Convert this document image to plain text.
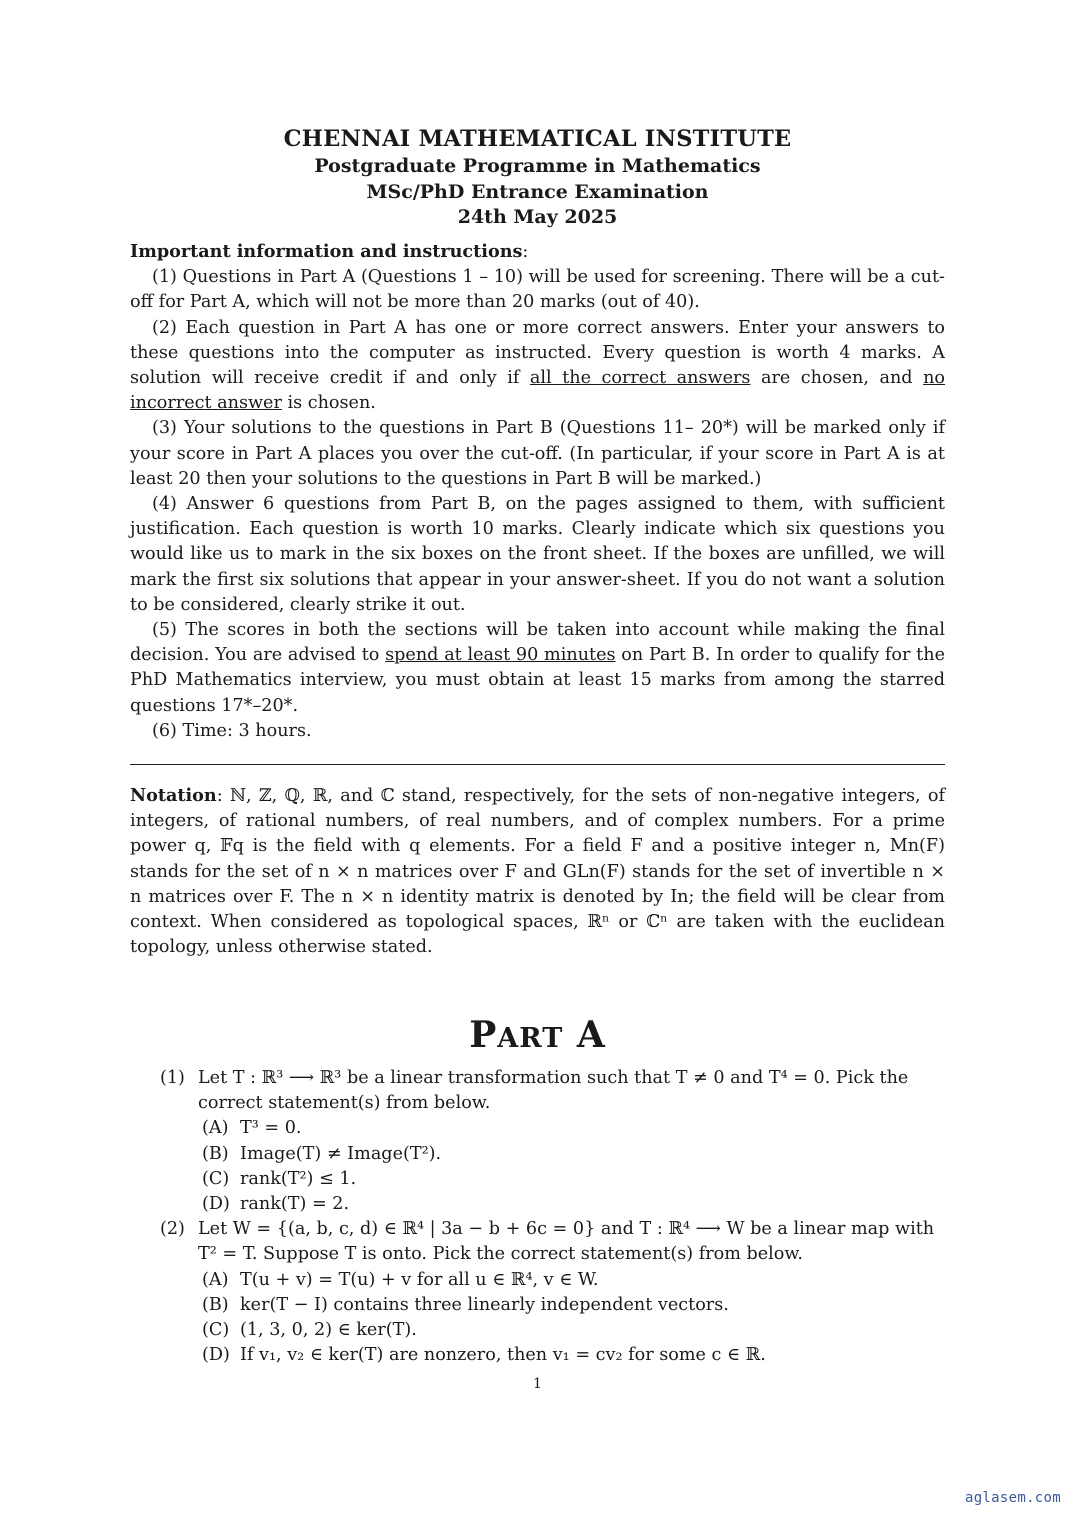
CHENNAI MATHEMATICAL INSTITUTE
Postgraduate Programme in Mathematics
MSc/PhD Entrance Examination
24th May 2025
Important information and instructions:

(1) Questions in Part A (Questions 1 – 10) will be used for screening. There will be a cut-off for Part A, which will not be more than 20 marks (out of 40).

(2) Each question in Part A has one or more correct answers. Enter your answers to these questions into the computer as instructed. Every question is worth 4 marks. A solution will receive credit if and only if all the correct answers are chosen, and no incorrect answer is chosen.

(3) Your solutions to the questions in Part B (Questions 11– 20*) will be marked only if your score in Part A places you over the cut-off. (In particular, if your score in Part A is at least 20 then your solutions to the questions in Part B will be marked.)

(4) Answer 6 questions from Part B, on the pages assigned to them, with sufficient justification. Each question is worth 10 marks. Clearly indicate which six questions you would like us to mark in the six boxes on the front sheet. If the boxes are unfilled, we will mark the first six solutions that appear in your answer-sheet. If you do not want a solution to be considered, clearly strike it out.

(5) The scores in both the sections will be taken into account while making the final decision. You are advised to spend at least 90 minutes on Part B. In order to qualify for the PhD Mathematics interview, you must obtain at least 15 marks from among the starred questions 17*–20*.

(6) Time: 3 hours.

Notation: ℕ, ℤ, ℚ, ℝ, and ℂ stand, respectively, for the sets of non-negative integers, of integers, of rational numbers, of real numbers, and of complex numbers. For a prime power q, 𝔽q is the field with q elements. For a field F and a positive integer n, Mn(F) stands for the set of n × n matrices over F and GLn(F) stands for the set of invertible n × n matrices over F. The n × n identity matrix is denoted by In; the field will be clear from context. When considered as topological spaces, ℝⁿ or ℂⁿ are taken with the euclidean topology, unless otherwise stated.
PART A
(1) Let T : ℝ³ ⟶ ℝ³ be a linear transformation such that T ≠ 0 and T⁴ = 0. Pick the correct statement(s) from below.
(A) T³ = 0.
(B) Image(T) ≠ Image(T²).
(C) rank(T²) ≤ 1.
(D) rank(T) = 2.
(2) Let W = {(a, b, c, d) ∈ ℝ⁴ | 3a − b + 6c = 0} and T : ℝ⁴ ⟶ W be a linear map with T² = T. Suppose T is onto. Pick the correct statement(s) from below.
(A) T(u + v) = T(u) + v for all u ∈ ℝ⁴, v ∈ W.
(B) ker(T − I) contains three linearly independent vectors.
(C) (1, 3, 0, 2) ∈ ker(T).
(D) If v₁, v₂ ∈ ker(T) are nonzero, then v₁ = cv₂ for some c ∈ ℝ.
1
aglasem.com
